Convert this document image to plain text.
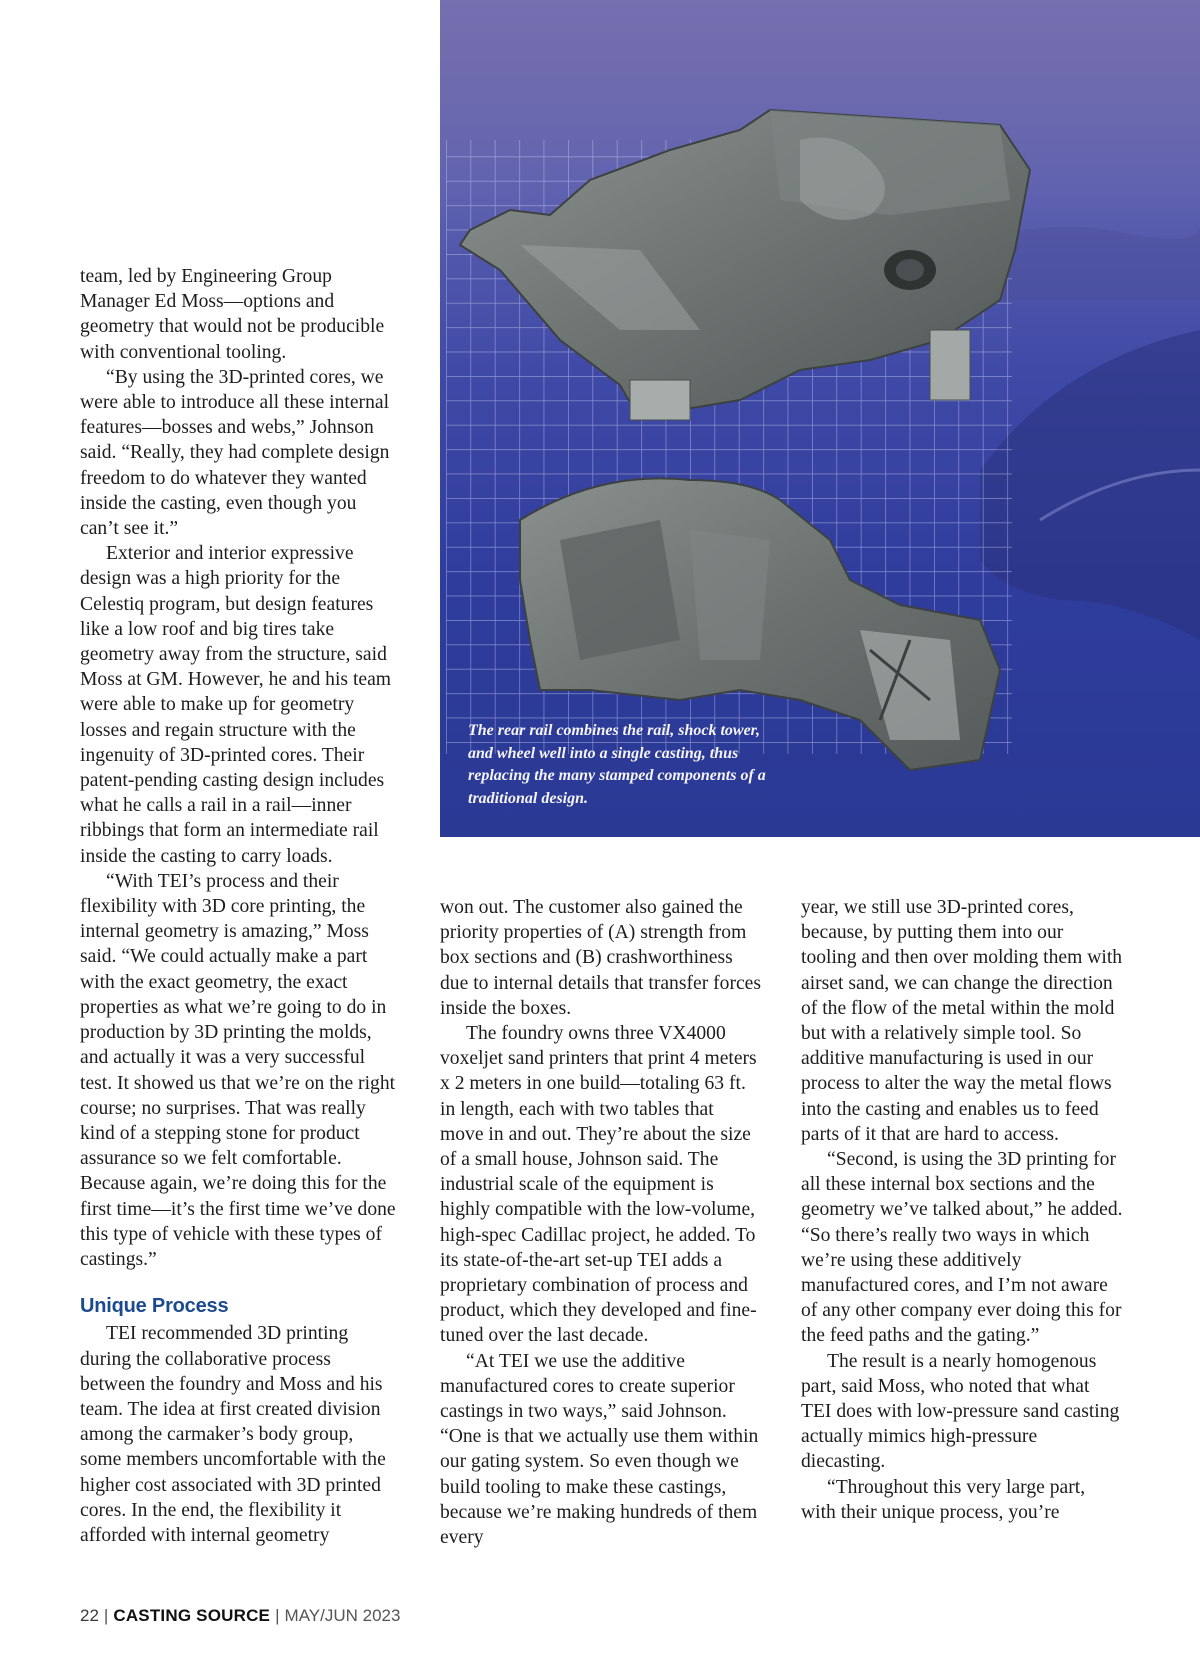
team, led by Engineering Group Manager Ed Moss—options and geometry that would not be producible with conventional tooling.

“By using the 3D-printed cores, we were able to introduce all these internal features—bosses and webs,” Johnson said. “Really, they had complete design freedom to do whatever they wanted inside the casting, even though you can’t see it.”

Exterior and interior expressive design was a high priority for the Celestiq program, but design features like a low roof and big tires take geometry away from the structure, said Moss at GM. However, he and his team were able to make up for geometry losses and regain structure with the ingenuity of 3D-printed cores. Their patent-pending casting design includes what he calls a rail in a rail—inner ribbings that form an intermediate rail inside the casting to carry loads.

“With TEI’s process and their flexibility with 3D core printing, the internal geometry is amazing,” Moss said. “We could actually make a part with the exact geometry, the exact properties as what we’re going to do in production by 3D printing the molds, and actually it was a very successful test. It showed us that we’re on the right course; no surprises. That was really kind of a stepping stone for product assurance so we felt comfortable. Because again, we’re doing this for the first time—it’s the first time we’ve done this type of vehicle with these types of castings.”

Unique Process

TEI recommended 3D printing during the collaborative process between the foundry and Moss and his team. The idea at first created division among the carmaker’s body group, some members uncomfortable with the higher cost associated with 3D printed cores. In the end, the flexibility it afforded with internal geometry

The rear rail combines the rail, shock tower, and wheel well into a single casting, thus replacing the many stamped components of a traditional design.

won out. The customer also gained the priority properties of (A) strength from box sections and (B) crashworthiness due to internal details that transfer forces inside the boxes.

The foundry owns three VX4000 voxeljet sand printers that print 4 meters x 2 meters in one build—totaling 63 ft. in length, each with two tables that move in and out. They’re about the size of a small house, Johnson said. The industrial scale of the equipment is highly compatible with the low-volume, high-spec Cadillac project, he added. To its state-of-the-art set-up TEI adds a proprietary combination of process and product, which they developed and fine-tuned over the last decade.

“At TEI we use the additive manufactured cores to create superior castings in two ways,” said Johnson. “One is that we actually use them within our gating system. So even though we build tooling to make these castings, because we’re making hundreds of them every

year, we still use 3D-printed cores, because, by putting them into our tooling and then over molding them with airset sand, we can change the direction of the flow of the metal within the mold but with a relatively simple tool. So additive manufacturing is used in our process to alter the way the metal flows into the casting and enables us to feed parts of it that are hard to access.

“Second, is using the 3D printing for all these internal box sections and the geometry we’ve talked about,” he added. “So there’s really two ways in which we’re using these additively manufactured cores, and I’m not aware of any other company ever doing this for the feed paths and the gating.”

The result is a nearly homogenous part, said Moss, who noted that what TEI does with low-pressure sand casting actually mimics high-pressure diecasting.

“Throughout this very large part, with their unique process, you’re

22 | CASTING SOURCE | MAY/JUN 2023
